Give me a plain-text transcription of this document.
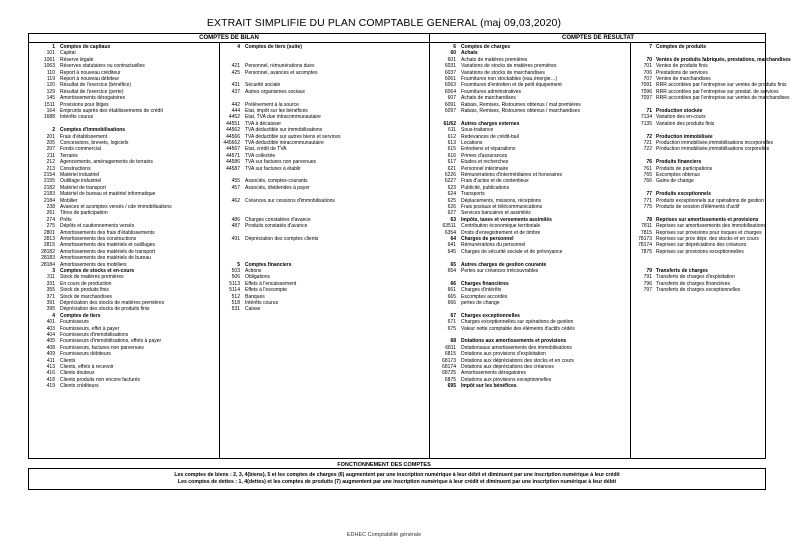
EXTRAIT SIMPLIFIE DU PLAN COMPTABLE GENERAL (maj 09,03,2020)
COMPTES DE BILAN	COMPTES DE RESULTAT
1 Comptes de capitaux
101 Capital
1061 Réserve légale
1063 Réserves statutaires ou contractuelles
110 Report à nouveau créditeur
119 Report à nouveau débiteur
120 Résultat de l'exercice (bénéfice)
129 Résultat de l'exercice (perte)
145 Amortissements dérogatoires
1511 Provisions pour litiges
164 Emprunts auprès des établissements de crédit
1688 Intérêts courus
2 Comptes d'immobilisations
201 Frais d'établissement
205 Concessions, brevets, logiciels
207 Fonds commercial
211 Terrains
212 Agencements, aménagements de terrains
213 Constructions
2154 Matériel industriel
2155 Outillage industriel
2182 Matériel de transport
2183 Matériel de bureau et matériel informatique
2184 Mobilier
238 Avances et acomptes versés / cde immobilisations
261 Titres de participation
274 Prêts
275 Dépôts et cautionnements versés
2801 Amortissements des frais d'établissements
2813 Amortissements des constructions
2815 Amortissements des matériels et outillages
28182 Amortissements des matériels de transport
28183 Amortissements des matériels de bureau
28184 Amortissements des mobiliers
3 Comptes de stocks et en-cours
311 Stock de matières premières
331 En cours de production
355 Stock de produits finis
371 Stock de marchandises
391 Dépréciation des stocks de matières premières
395 Dépréciation des stocks de produits finis
4 Comptes de tiers
401 Fournisseurs
403 Fournisseurs, effet à payer
404 Fournisseurs d'immobilisations
405 Fournisseurs d'immobilisations, effets à payer
408 Fournisseurs, factures non parvenues
409 Fournisseurs débiteurs
411 Clients
413 Clients, effets à recevoir
416 Clients douteux
418 Clients produits non encore facturés
419 Clients créditeurs
4 Comptes de tiers (suite)
421 Personnel, rémunérations dues
425 Personnel, avances et acomptes
431 Sécurité sociale
437 Autres organismes sociaux
442 Prélèvement à la source
444 Etat, impôt sur les bénéfices
4452 Etat, TVA due intracommunautaire
44551 TVA à décaisser
44562 TVA déductible sur immobilisations
44566 TVA déductible sur autres biens et services
445662 TVA déductible intracommunautaire
44567 Etat, crédit de TVA
44571 TVA collectée
44586 TVA sur factures non parvenues
44587 TVA sur factures à établir
455 Associés, comptes-courants
457 Associés, dividendes à payer
462 Créances sur cessions d'immobilisations
486 Charges constatées d'avance
487 Produits constatés d'avance
491 Dépréciation des comptes clients
5 Comptes financiers
503 Actions
506 Obligations
5113 Effets à l'encaissement
5114 Effets à l'escompte
512 Banques
518 Intérêts courus
531 Caisse
6 Comptes de charges
60 Achats
601 Achats de matières premières
6031 Variations de stocks de matières premières
6037 Variations de stocks de marchandises
6061 Fournitures non stockables (eau,énergie…)
6063 Fournitures d'entretien et de petit équipement
6064 Fournitures administratives
607 Achats de marchandises
6091 Rabais, Remises, Ristournes obtenus / mat premières
6097 Rabais, Remises, Ristournes obtenus / marchandises
61/62 Autres charges externes
611 Sous-traitance
612 Redevances de crédit-bail
613 Locations
615 Entretiens et réparations
616 Primes d'assurances
617 Etudes et recherches
621 Personnel intérimaire
6226 Rémunérations d'intermédiaires et honoraires
6227 Frais d'actes et de contentieux
623 Publicité, publications
624 Transports
625 Déplacements, missions, réceptions
626 Frais postaux et télécommunications
627 Services bancaires et assimilés
63 Impôts, taxes et versements assimilés
63511 Contribution économique territoriale
6354 Droits d'enregistrement et de timbre
64 Charges de personnel
641 Rémunérations du personnel
645 Charges de sécurité sociale et de prévoyance
65 Autres charges de gestion courante
654 Pertes sur créances irrécouvrables
66 Charges financières
661 Charges d'intérêts
665 Escomptes accordés
666 pertes de change
67 Charges exceptionnelles
671 Charges exceptionnelles sur opérations de gestion
675 Valeur nette comptable des éléments d'actifs cédés
68 Dotations aux amortissements et provisions
6811 Dotationsaux amortissements des immobilisations
6815 Dotations aux provisions d'exploitation
68173 Dotations aux dépréciations des stocks et en cours
68174 Dotations aux dépréciations des créances
68725 Amortissements dérogatoires
6875 Dotations aux provisions exceptionnelles
695 Impôt sur les bénéfices
7 Comptes de produits
70 Ventes de produits fabriqués, prestations, marchandises
701 Ventes de produits finis
706 Prestations de services
707 Ventes de marchandises
7091 RRR accordées par l'entreprise sur ventes de produits finis
7096 RRR accordées par l'entreprise sur prestat. de services
7097 RRR accordées par l'entreprise sur ventes de marchandises
71 Production stockée
7134 Variation des en-cours
7135 Variation des produits finis
72 Production immobilisée
721 Production immobilisée,immobilisations incorporelles
722 Production immobilisée,immobilisations corporelles
76 Produits financiers
761 Produits de participations
765 Escomptes obtenus
766 Gains de change
77 Produits exceptionnels
771 Produits exceptionnels sur opérations de gestion
775 Produits de cession d'éléments d'actif
78 Reprises sur amortissements et provisions
7811 Reprises sur amortissements des immobilisations
7815 Reprises sur provisions pour risques et charges
78173 Reprises sur prov dépr. des stocks et en cours
78174 Reprises sur dépréciations des créances
7875 Reprises sur provisions exceptionnelles
79 Transferts de charges
791 Transferts de charges d'exploitation
796 Transferts de charges financières
797 Transferts de charges exceptionnelles
FONCTIONNEMENT DES COMPTES
Les comptes de biens : 2, 3, 4(biens), 5 et les comptes de charges (6) augmentent par une inscription numérique à leur débit et diminuent par une inscription numérique à leur crédit
Les comptes de dettes : 1, 4(dettes) et les comptes de produits (7) augmentent par une inscription numérique à leur crédit et diminuent par une inscription numérique à leur débit
EDHEC Comptabilité générale
